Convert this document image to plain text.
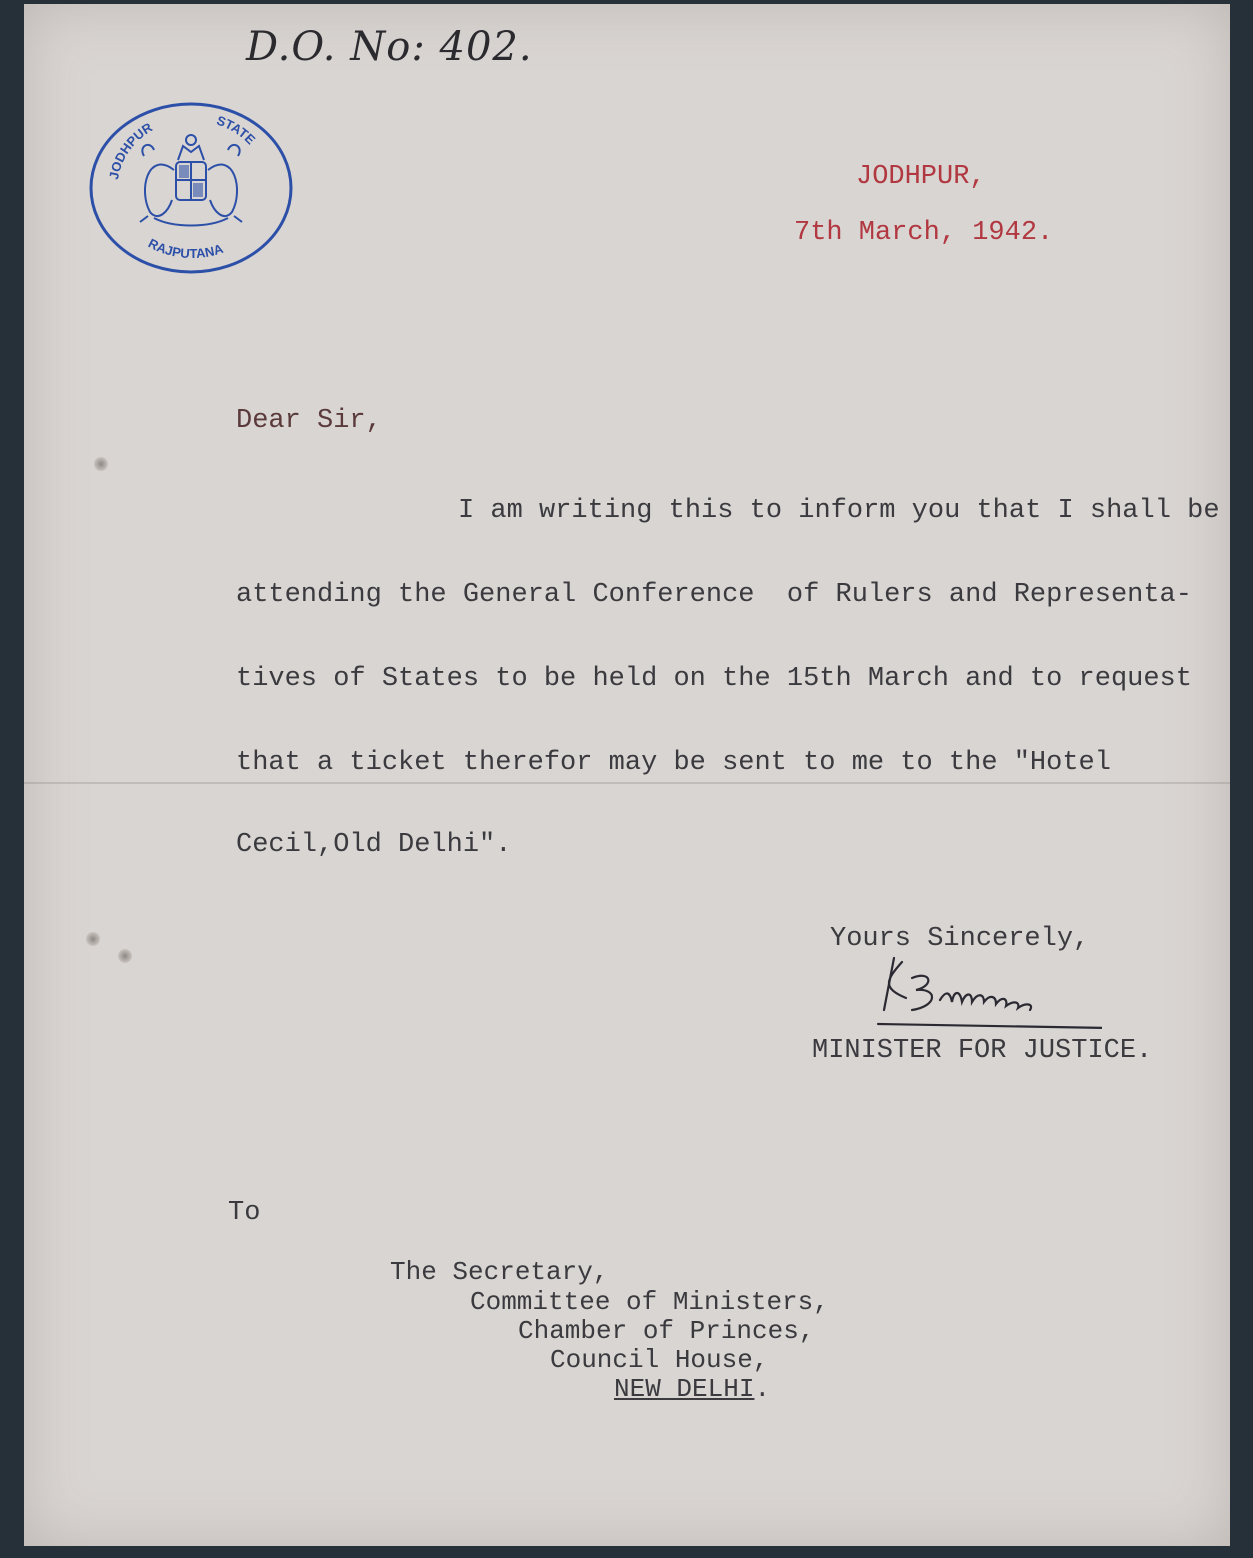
D.O. No: 402.
JODHPUR	STATE
RAJPUTANA
JODHPUR,
7th March, 1942.
Dear Sir,
I am writing this to inform you that I shall be
attending the General Conference  of Rulers and Representa-
tives of States to be held on the 15th March and to request
that a ticket therefor may be sent to me to the "Hotel
Cecil,Old Delhi".
Yours Sincerely,
MINISTER FOR JUSTICE.
To
The Secretary,
Committee of Ministers,
Chamber of Princes,
Council House,
NEW DELHI.
